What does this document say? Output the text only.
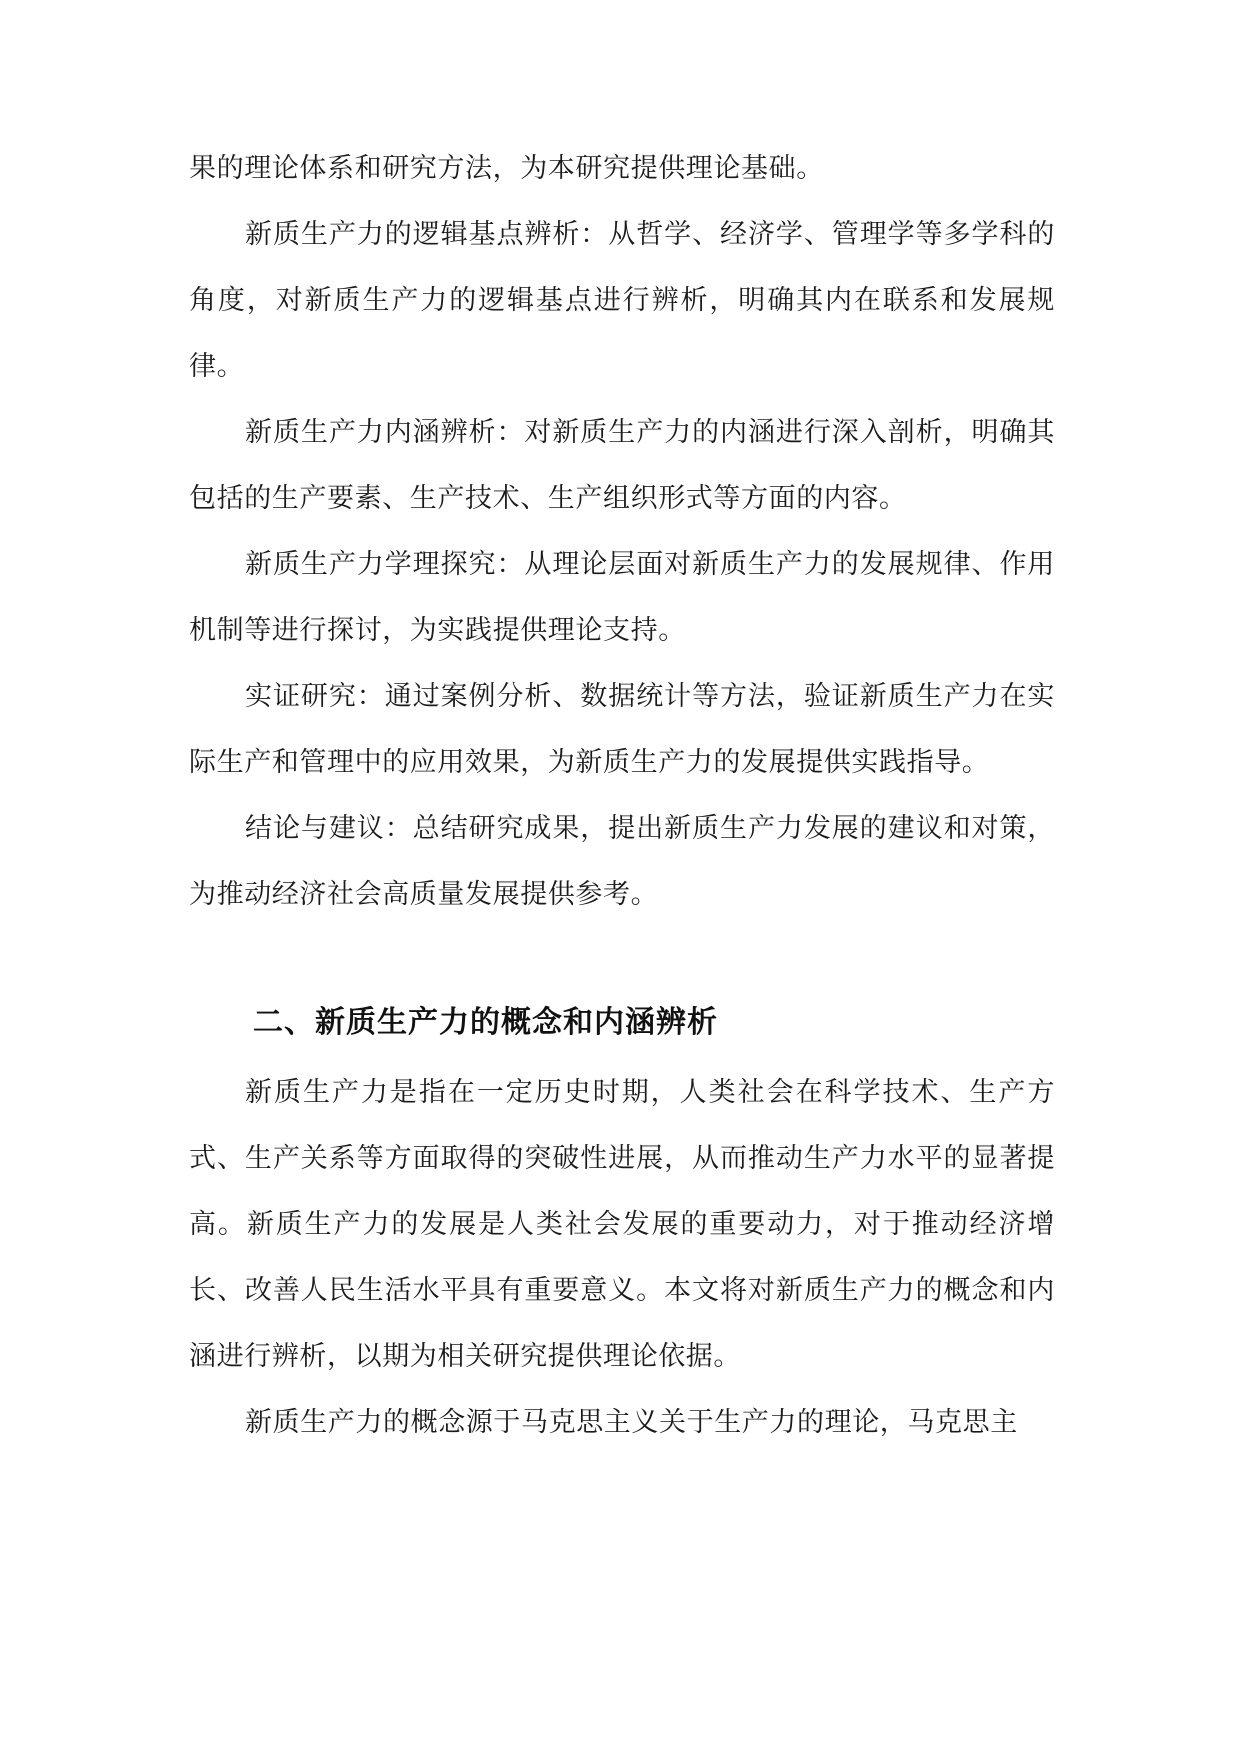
果的理论体系和研究方法，为本研究提供理论基础。

新质生产力的逻辑基点辨析：从哲学、经济学、管理学等多学科的角度，对新质生产力的逻辑基点进行辨析，明确其内在联系和发展规律。

新质生产力内涵辨析：对新质生产力的内涵进行深入剖析，明确其包括的生产要素、生产技术、生产组织形式等方面的内容。

新质生产力学理探究：从理论层面对新质生产力的发展规律、作用机制等进行探讨，为实践提供理论支持。

实证研究：通过案例分析、数据统计等方法，验证新质生产力在实际生产和管理中的应用效果，为新质生产力的发展提供实践指导。

结论与建议：总结研究成果，提出新质生产力发展的建议和对策，为推动经济社会高质量发展提供参考。

二、新质生产力的概念和内涵辨析

新质生产力是指在一定历史时期，人类社会在科学技术、生产方式、生产关系等方面取得的突破性进展，从而推动生产力水平的显著提高。新质生产力的发展是人类社会发展的重要动力，对于推动经济增长、改善人民生活水平具有重要意义。本文将对新质生产力的概念和内涵进行辨析，以期为相关研究提供理论依据。

新质生产力的概念源于马克思主义关于生产力的理论，马克思主
